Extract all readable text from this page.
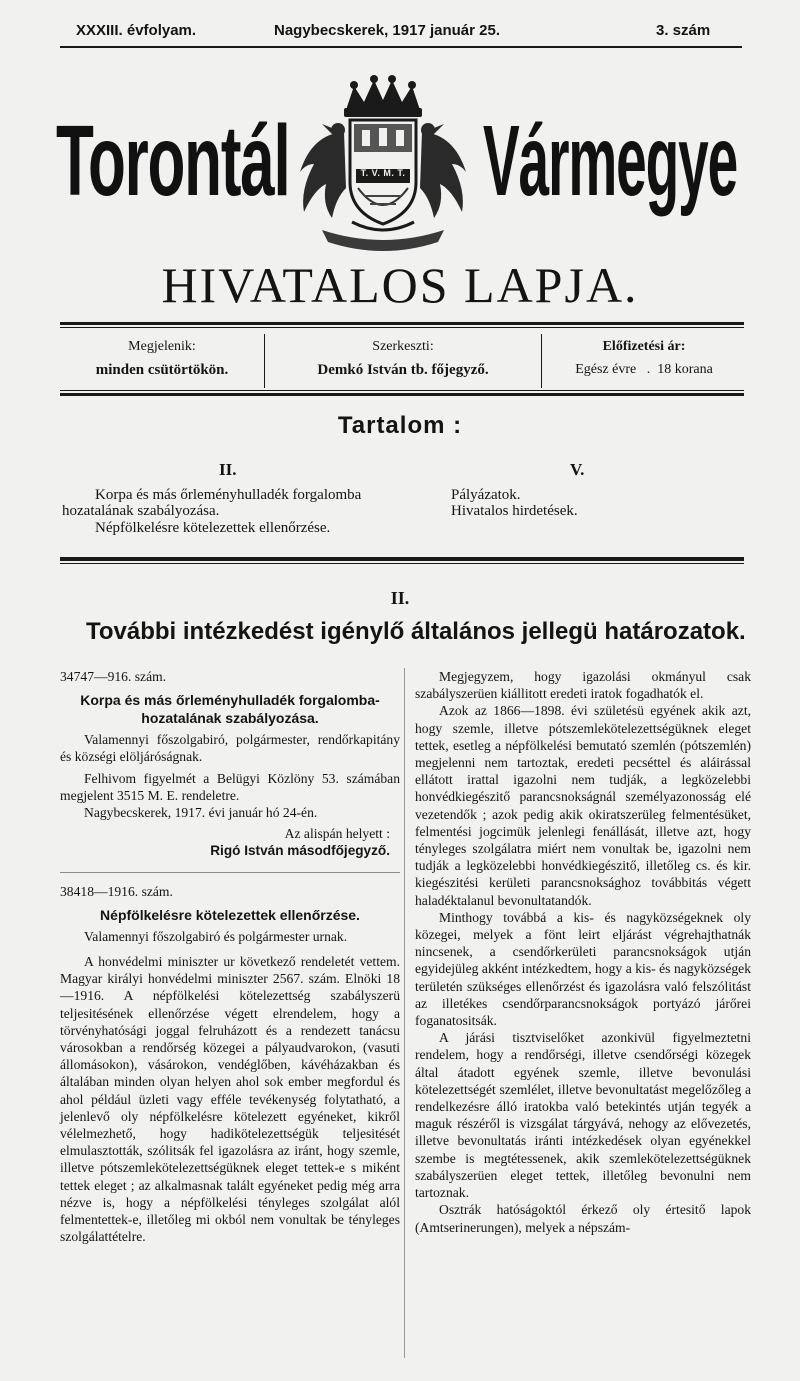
XXXIII. évfolyam.	Nagybecskerek, 1917 január 25.	3. szám
Torontál Vármegye
T. V. M. T.
HIVATALOS LAPJA.
Megjelenik:
minden csütörtökön.
Szerkeszti:
Demkó István tb. főjegyző.
Előfizetési ár:
Egész évre   .  18 korana
Tartalom :
II.
Korpa és más őrleményhulladék forgalomba
hozatalának szabályozása.
Népfölkelésre kötelezettek ellenőrzése.
V.
Pályázatok.
Hivatalos hirdetések.
II.
További intézkedést igénylő általános jellegü határozatok.

34747—916. szám.

Korpa és más őrleményhulladék forgalomba-

hozatalának szabályozása.

Valamennyi főszolgabiró, polgármester, rendőrkapitány és községi elöljáróságnak.

Felhivom figyelmét a Belügyi Közlöny 53. számában megjelent 3515 M. E. rendeletre.

Nagybecskerek, 1917. évi január hó 24-én.

Az alispán helyett :

Rigó István másodfőjegyző.

38418—1916. szám.

Népfölkelésre kötelezettek ellenőrzése.

Valamennyi főszolgabiró és polgármester urnak.

A honvédelmi miniszter ur következő rendeletét vettem. Magyar királyi honvédelmi miniszter 2567. szám. Elnöki 18—1916. A népfölkelési kötelezettség szabályszerü teljesitésének ellenőrzése végett elrendelem, hogy a törvényhatósági joggal felruházott és a rendezett tanácsu városokban a rendőrség közegei a pályaudvarokon, (vasuti állomásokon), vásárokon, vendéglőben, kávéházakban és általában minden olyan helyen ahol sok ember megfordul és ahol például üzleti vagy efféle tevékenység folytatható, a jelenlevő oly népfölkelésre kötelezett egyéneket, kikről vélelmezhető, hogy hadikötelezettségük teljesitését elmulasztották, szólitsák fel igazolásra az iránt, hogy szemle, illetve pótszemlekötelezettségüknek eleget tettek-e s miként tettek eleget ; az alkalmasnak talált egyéneket pedig még arra nézve is, hogy a népfölkelési tényleges szolgálat alól felmentettek-e, illetőleg mi okból nem vonultak be tényleges szolgálattételre.

Megjegyzem, hogy igazolási okmányul csak szabályszerüen kiállitott eredeti iratok fogadhatók el.

Azok az 1866—1898. évi születésü egyének akik azt, hogy szemle, illetve pótszemlekötelezettségüknek eleget tettek, esetleg a népfölkelési bemutató szemlén (pótszemlén) megjelenni nem tartoztak, eredeti pecséttel és aláirással ellátott irattal igazolni nem tudják, a legközelebbi honvédkiegészitő parancsnokságnál személyazonosság elé vezetendők ; azok pedig akik okiratszerüleg felmentésüket, felmentési jogcimük jelenlegi fenállását, illetve azt, hogy tényleges szolgálatra miért nem vonultak be, igazolni nem tudják a legközelebbi honvédkiegészitő, illetőleg cs. és kir. kiegészitési kerületi parancsnoksághoz továbbitás végett haladéktalanul bevonultatandók.

Minthogy továbbá a kis- és nagyközségeknek oly közegei, melyek a fönt leirt eljárást végrehajthatnák nincsenek, a csendőrkerületi parancsnokságok utján egyidejüleg akként intézkedtem, hogy a kis- és nagyközségek területén szükséges ellenőrzést és igazolásra való felszólitást az illetékes csendőrparancsnokságok portyázó járőrei foganatositsák.

A járási tisztviselőket azonkivül figyelmeztetni rendelem, hogy a rendőrségi, illetve csendőrségi közegek által átadott egyének szemle, illetve bevonulási kötelezettségét szemlélet, illetve bevonultatást megelőzőleg a rendelkezésre álló iratokba való betekintés utján tegyék a maguk részéről is vizsgálat tárgyává, nehogy az elővezetés, illetve bevonultatás iránti intézkedések olyan egyénekkel szembe is megtétessenek, akik szemlekötelezettségüknek szabályszerüen eleget tettek, illetőleg bevonulni nem tartoznak.

Osztrák hatóságoktól érkező oly értesitő lapok (Amtserinerungen), melyek a népszám-
